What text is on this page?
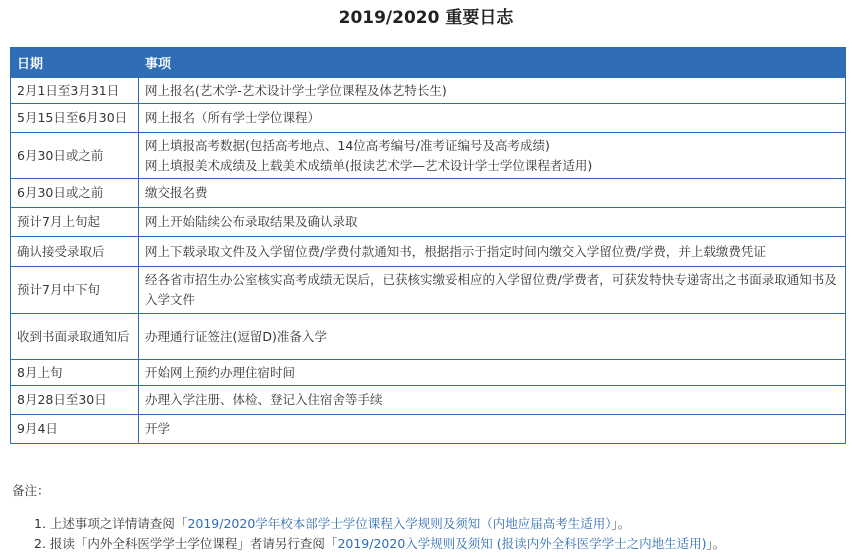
2019/2020 重要日志
日期	事项
2月1日至3月31日	网上报名(艺术学-艺术设计学士学位课程及体艺特长生)

5月15日至6月30日	网上报名（所有学士学位课程）

6月30日或之前	网上填报高考数据(包括高考地点、14位高考编号/准考证编号及高考成绩)
网上填报美术成绩及上载美术成绩单(报读艺术学—艺术设计学士学位课程者适用)

6月30日或之前	缴交报名费

预计7月上旬起	网上开始陆续公布录取结果及确认录取

确认接受录取后	网上下载录取文件及入学留位费/学费付款通知书，根据指示于指定时间内缴交入学留位费/学费，并上载缴费凭证

预计7月中下旬	经各省市招生办公室核实高考成绩无误后，已获核实缴妥相应的入学留位费/学费者，可获发特快专递寄出之书面录取通知书及入学文件

收到书面录取通知后	办理通行证签注(逗留D)准备入学

8月上旬	开始网上预约办理住宿时间

8月28日至30日	办理入学注册、体检、登记入住宿舍等手续

9月4日	开学

备注：

1. 上述事项之详情请查阅「2019/2020学年校本部学士学位课程入学规则及须知（内地应届高考生适用）」。
2. 报读「内外全科医学学士学位课程」者请另行查阅「2019/2020入学规则及须知 (报读内外全科医学学士之内地生适用)」。
